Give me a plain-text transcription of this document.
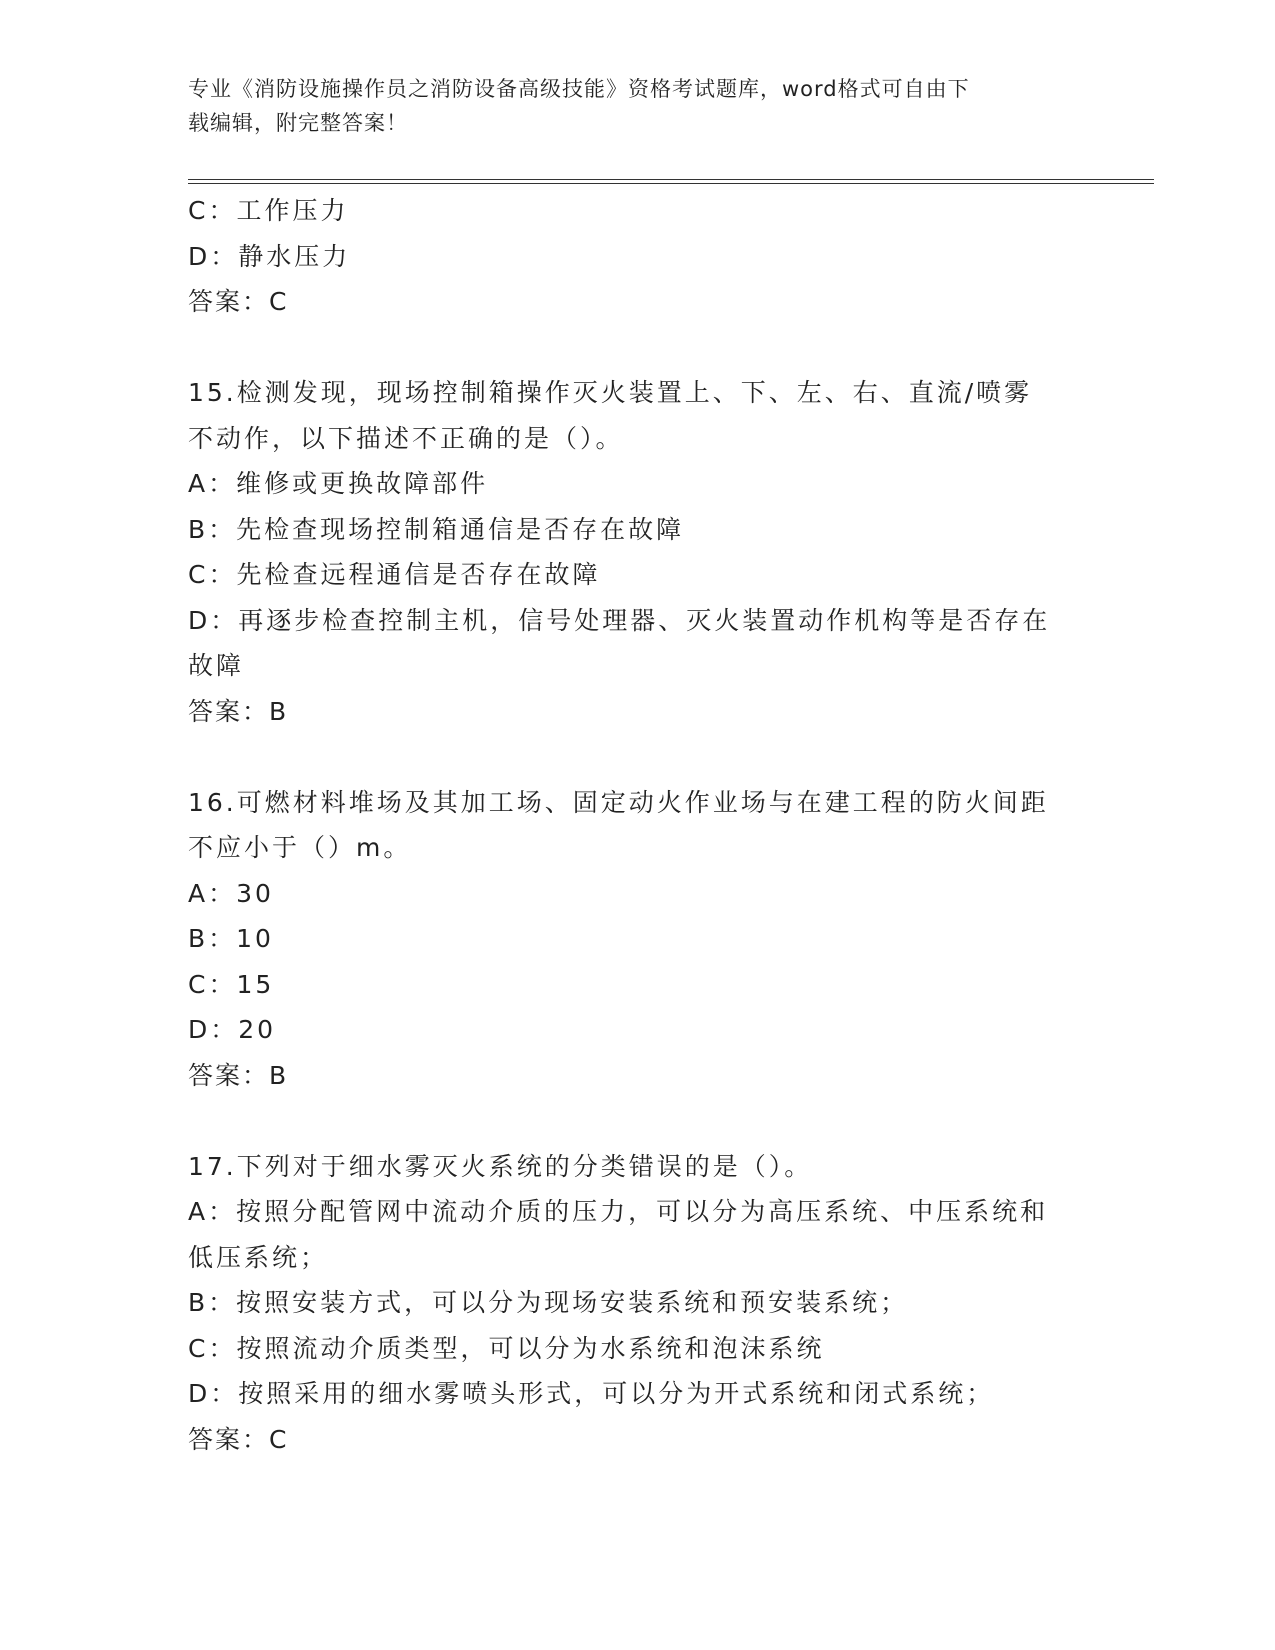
专业《消防设施操作员之消防设备高级技能》资格考试题库，word格式可自由下
载编辑，附完整答案！
C：工作压力
D：静水压力
答案：C
15.检测发现，现场控制箱操作灭火装置上、下、左、右、直流/喷雾
不动作，以下描述不正确的是（）。
A：维修或更换故障部件
B：先检查现场控制箱通信是否存在故障
C：先检查远程通信是否存在故障
D：再逐步检查控制主机，信号处理器、灭火装置动作机构等是否存在
故障
答案：B
16.可燃材料堆场及其加工场、固定动火作业场与在建工程的防火间距
不应小于（）m。
A：30
B：10
C：15
D：20
答案：B
17.下列对于细水雾灭火系统的分类错误的是（）。
A：按照分配管网中流动介质的压力，可以分为高压系统、中压系统和
低压系统；
B：按照安装方式，可以分为现场安装系统和预安装系统；
C：按照流动介质类型，可以分为水系统和泡沫系统
D：按照采用的细水雾喷头形式，可以分为开式系统和闭式系统；
答案：C
